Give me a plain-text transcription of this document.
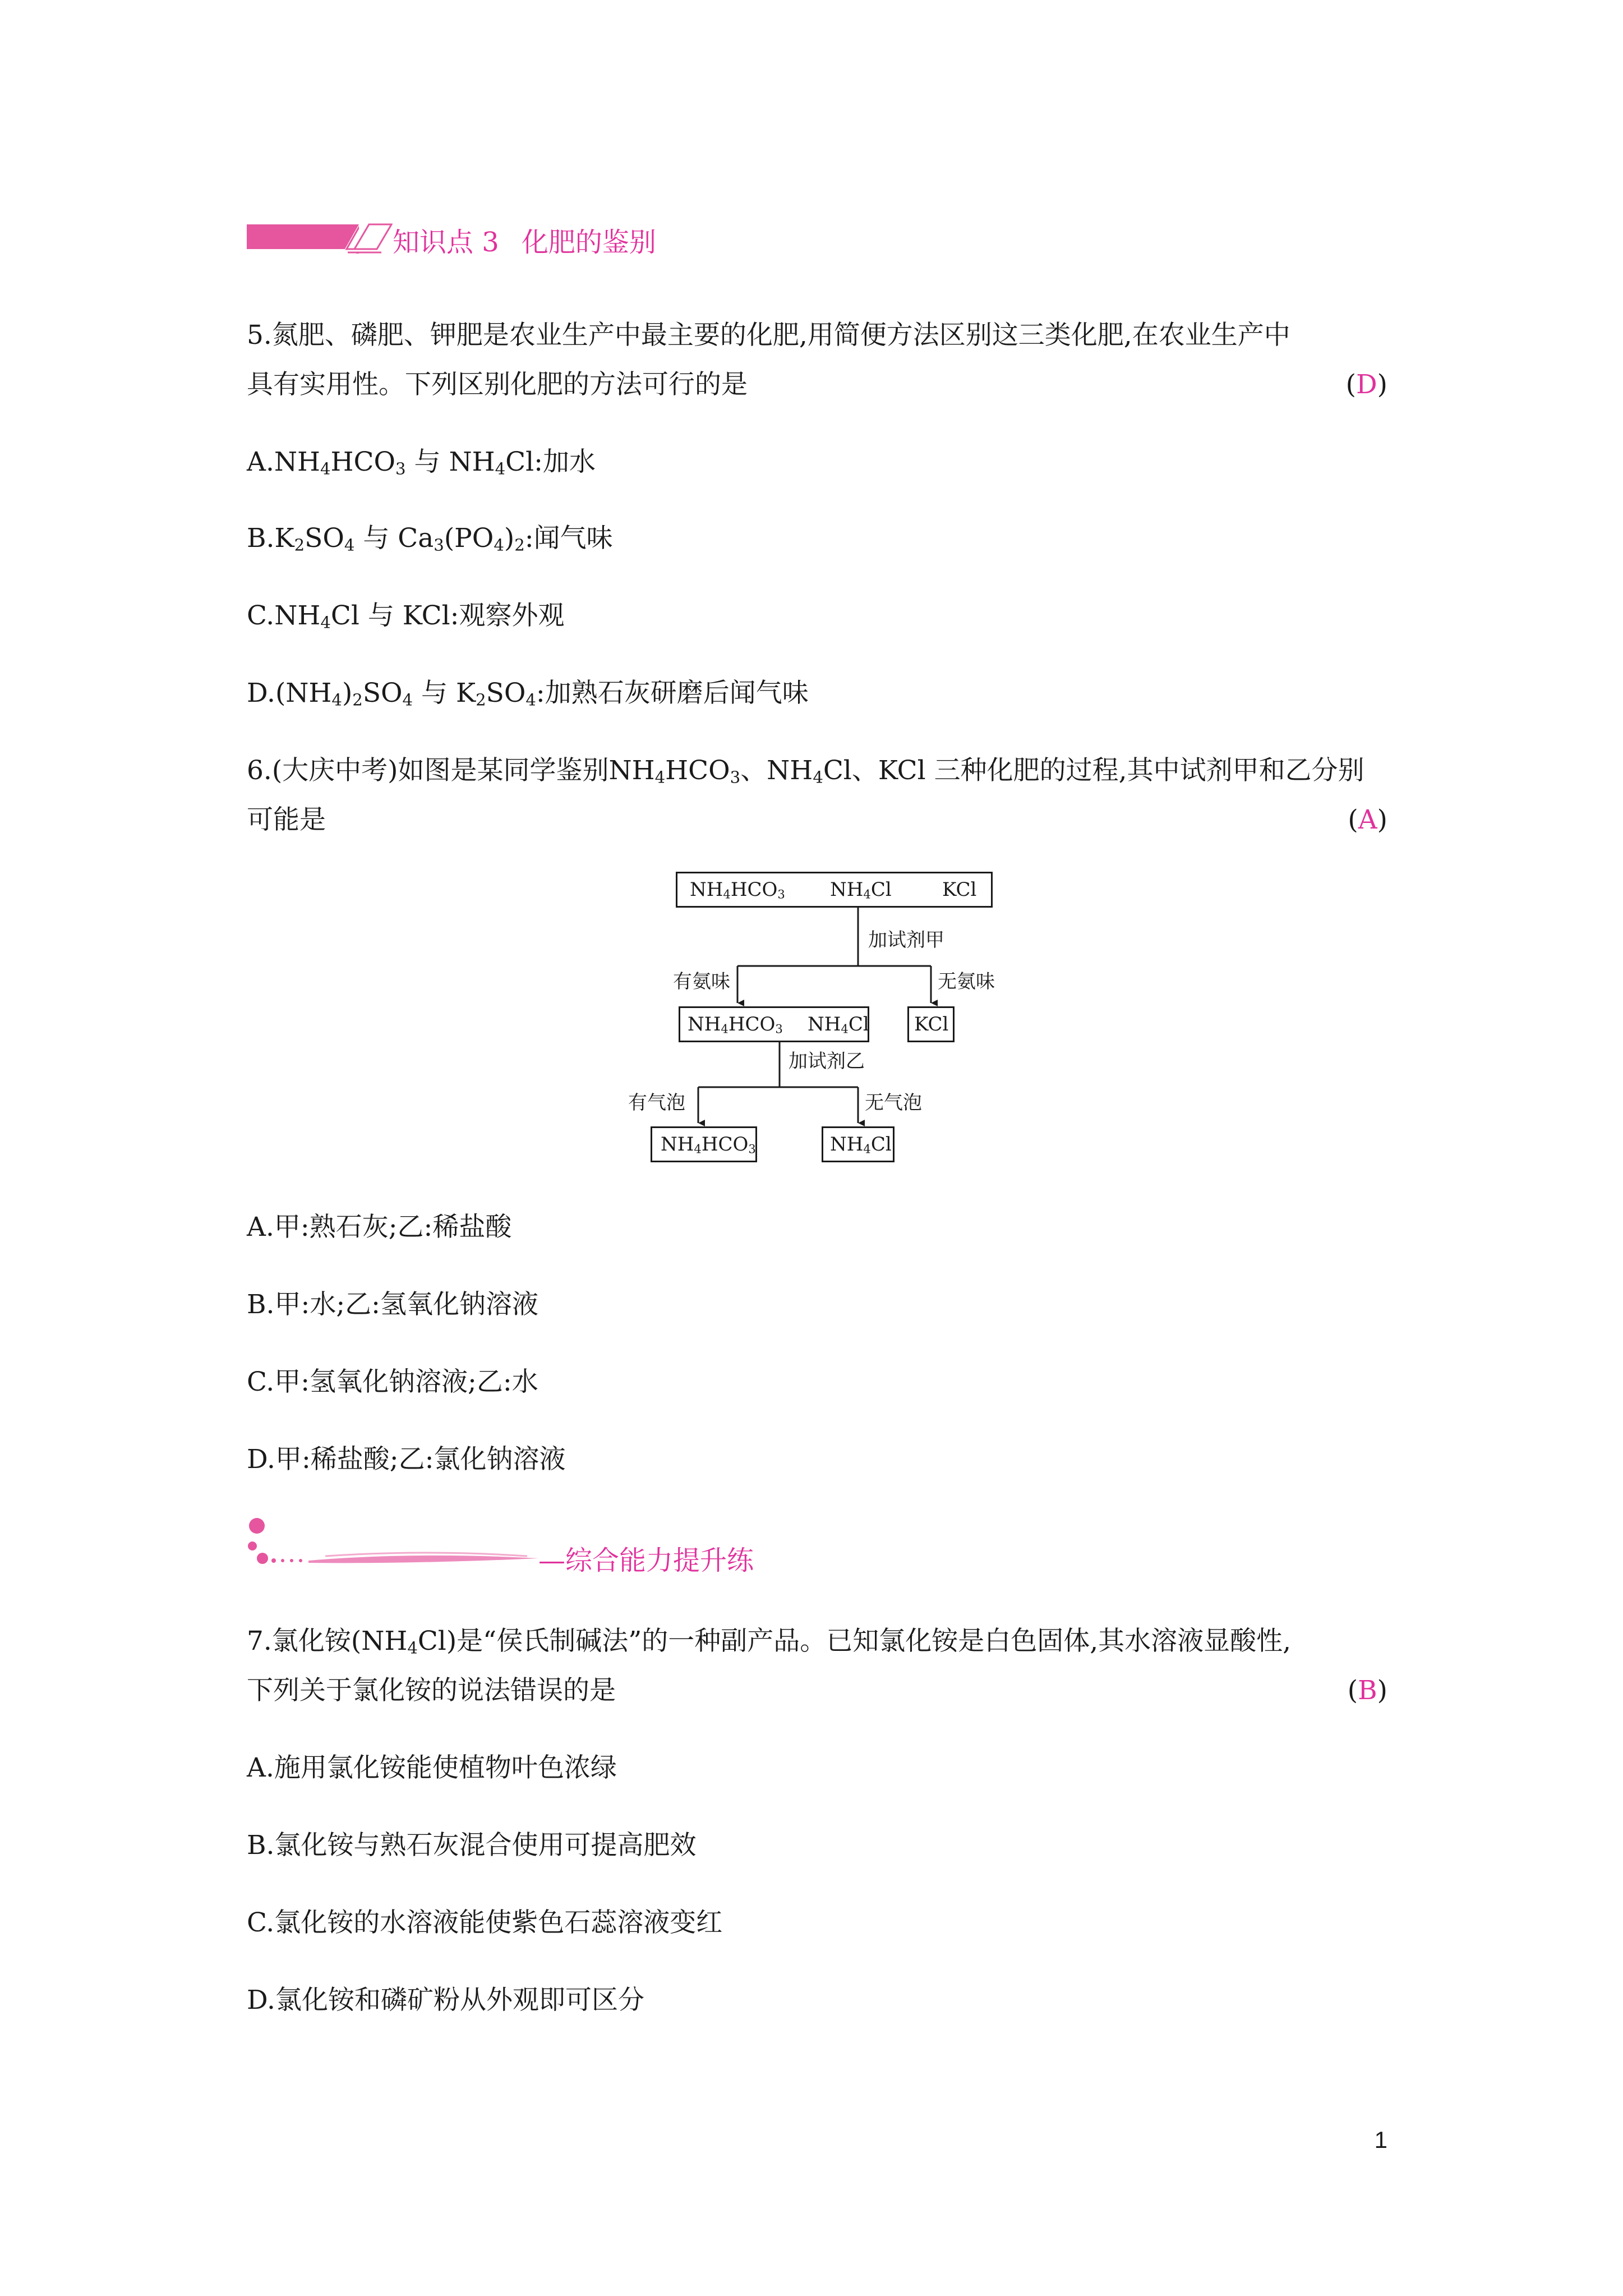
知识点 3 化肥的鉴别
5.氮肥、磷肥、钾肥是农业生产中最主要的化肥,用简便方法区别这三类化肥,在农业生产中
具有实用性。下列区别化肥的方法可行的是	(D)
$A.NH_4HCO_3$ 与 $NH_4Cl$:加水
$B.K_2SO_4$ 与 $Ca_3(PO_4)_2$:闻气味
$C.NH_4Cl$ 与 KCl:观察外观
$D.(NH_4)_2SO_4$ 与 $K_2SO_4$:加熟石灰研磨后闻气味
6.(大庆中考)如图是某同学鉴别$NH_4HCO_3$、$NH_4Cl$、KCl 三种化肥的过程,其中试剂甲和乙分别
可能是	(A)
$NH_4HCO_3$ $NH_4Cl$	KCl
加试剂甲
有氨味	无氨味
$NH_4HCO_3$ $NH_4Cl$ KCl
加试剂乙
有气泡	无气泡
$NH_4HCO_3$	$NH_4Cl$
A.甲:熟石灰;乙:稀盐酸
B.甲:水;乙:氢氧化钠溶液
C.甲:氢氧化钠溶液;乙:水
D.甲:稀盐酸;乙:氯化钠溶液
—综合能力提升练
7.氯化铵$(NH_4Cl)$是“侯氏制碱法”的一种副产品。已知氯化铵是白色固体,其水溶液显酸性,
下列关于氯化铵的说法错误的是	(B)
A.施用氯化铵能使植物叶色浓绿
B.氯化铵与熟石灰混合使用可提高肥效
C.氯化铵的水溶液能使紫色石蕊溶液变红
D.氯化铵和磷矿粉从外观即可区分
1
